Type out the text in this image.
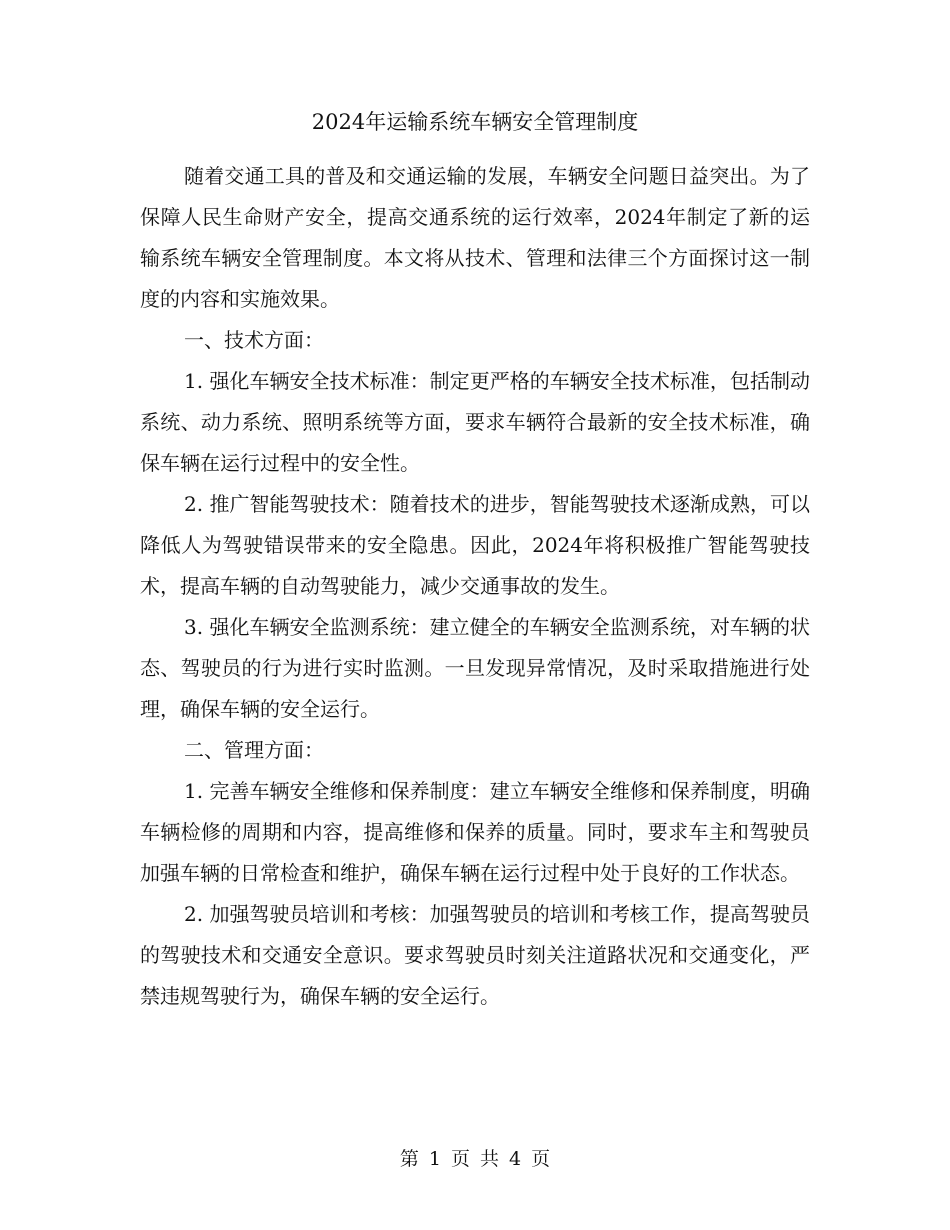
2024年运输系统车辆安全管理制度

随着交通工具的普及和交通运输的发展，车辆安全问题日益突出。为了保障人民生命财产安全，提高交通系统的运行效率，2024年制定了新的运输系统车辆安全管理制度。本文将从技术、管理和法律三个方面探讨这一制度的内容和实施效果。

一、技术方面：

1. 强化车辆安全技术标准：制定更严格的车辆安全技术标准，包括制动系统、动力系统、照明系统等方面，要求车辆符合最新的安全技术标准，确保车辆在运行过程中的安全性。

2. 推广智能驾驶技术：随着技术的进步，智能驾驶技术逐渐成熟，可以降低人为驾驶错误带来的安全隐患。因此，2024年将积极推广智能驾驶技术，提高车辆的自动驾驶能力，减少交通事故的发生。

3. 强化车辆安全监测系统：建立健全的车辆安全监测系统，对车辆的状态、驾驶员的行为进行实时监测。一旦发现异常情况，及时采取措施进行处理，确保车辆的安全运行。

二、管理方面：

1. 完善车辆安全维修和保养制度：建立车辆安全维修和保养制度，明确车辆检修的周期和内容，提高维修和保养的质量。同时，要求车主和驾驶员加强车辆的日常检查和维护，确保车辆在运行过程中处于良好的工作状态。

2. 加强驾驶员培训和考核：加强驾驶员的培训和考核工作，提高驾驶员的驾驶技术和交通安全意识。要求驾驶员时刻关注道路状况和交通变化，严禁违规驾驶行为，确保车辆的安全运行。

第 1 页 共 4 页
